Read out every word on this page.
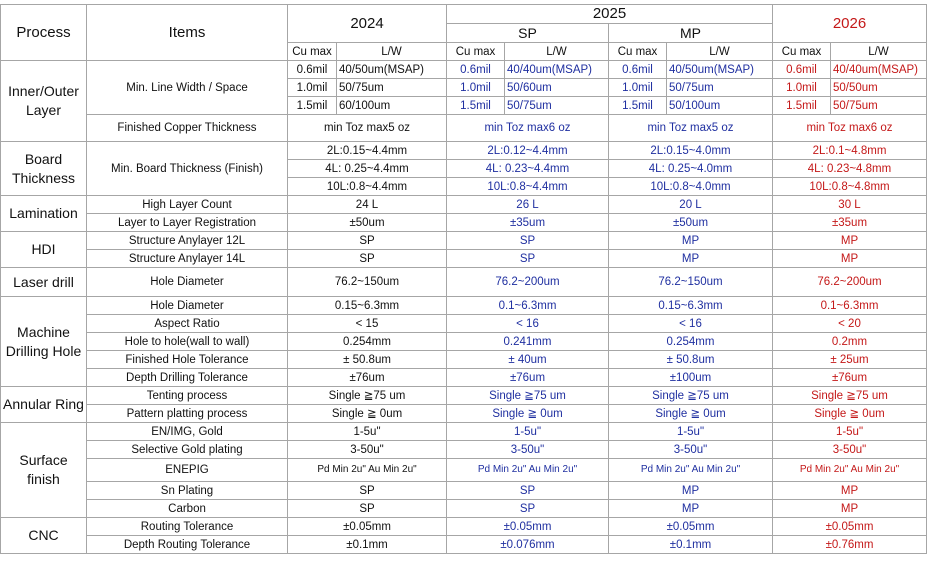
Process	Items	2024		2025				2026	
				SP		MP			
		Cu max	L/W	Cu max	L/W	Cu max	L/W	Cu max	L/W
Inner/Outer Layer	Min. Line Width / Space	0.6mil	40/50um(MSAP)	0.6mil	40/40um(MSAP)	0.6mil	40/50um(MSAP)	0.6mil	40/40um(MSAP)
		1.0mil	50/75um	1.0mil	50/60um	1.0mil	50/75um	1.0mil	50/50um
		1.5mil	60/100um	1.5mil	50/75um	1.5mil	50/100um	1.5mil	50/75um
	Finished Copper Thickness	min Toz max5 oz		min Toz max6 oz		min Toz max5 oz		min Toz max6 oz	
Board Thickness	Min. Board Thickness (Finish)	2L:0.15~4.4mm		2L:0.12~4.4mm		2L:0.15~4.0mm		2L:0.1~4.8mm	
		4L: 0.25~4.4mm		4L: 0.23~4.4mm		4L: 0.25~4.0mm		4L: 0.23~4.8mm	
		10L:0.8~4.4mm		10L:0.8~4.4mm		10L:0.8~4.0mm		10L:0.8~4.8mm	
Lamination	High Layer Count	24 L		26 L		20 L		30 L	
	Layer to Layer Registration	±50um		±35um		±50um		±35um	
HDI	Structure Anylayer 12L	SP		SP		MP		MP	
	Structure Anylayer 14L	SP		SP		MP		MP	
Laser drill	Hole Diameter	76.2~150um		76.2~200um		76.2~150um		76.2~200um	
Machine Drilling Hole	Hole Diameter	0.15~6.3mm		0.1~6.3mm		0.15~6.3mm		0.1~6.3mm	
	Aspect Ratio	< 15		< 16		< 16		< 20	
	Hole to hole(wall to wall)	0.254mm		0.241mm		0.254mm		0.2mm	
	Finished Hole Tolerance	± 50.8um		± 40um		± 50.8um		± 25um	
	Depth Drilling Tolerance	±76um		±76um		±100um		±76um	
Annular Ring	Tenting process	Single ≧75 um		Single ≧75 um		Single ≧75 um		Single ≧75 um	
	Pattern platting process	Single ≧ 0um		Single ≧ 0um		Single ≧ 0um		Single ≧ 0um	
Surface finish	EN/IMG, Gold	1-5u"		1-5u"		1-5u"		1-5u"	
	Selective Gold plating	3-50u"		3-50u"		3-50u"		3-50u"	
	ENEPIG	Pd Min 2u" Au Min 2u"		Pd Min 2u" Au Min 2u"		Pd Min 2u" Au Min 2u"		Pd Min 2u" Au Min 2u"	
	Sn Plating	SP		SP		MP		MP	
	Carbon	SP		SP		MP		MP	
CNC	Routing Tolerance	±0.05mm		±0.05mm		±0.05mm		±0.05mm	
	Depth Routing Tolerance	±0.1mm		±0.076mm		±0.1mm		±0.76mm	
